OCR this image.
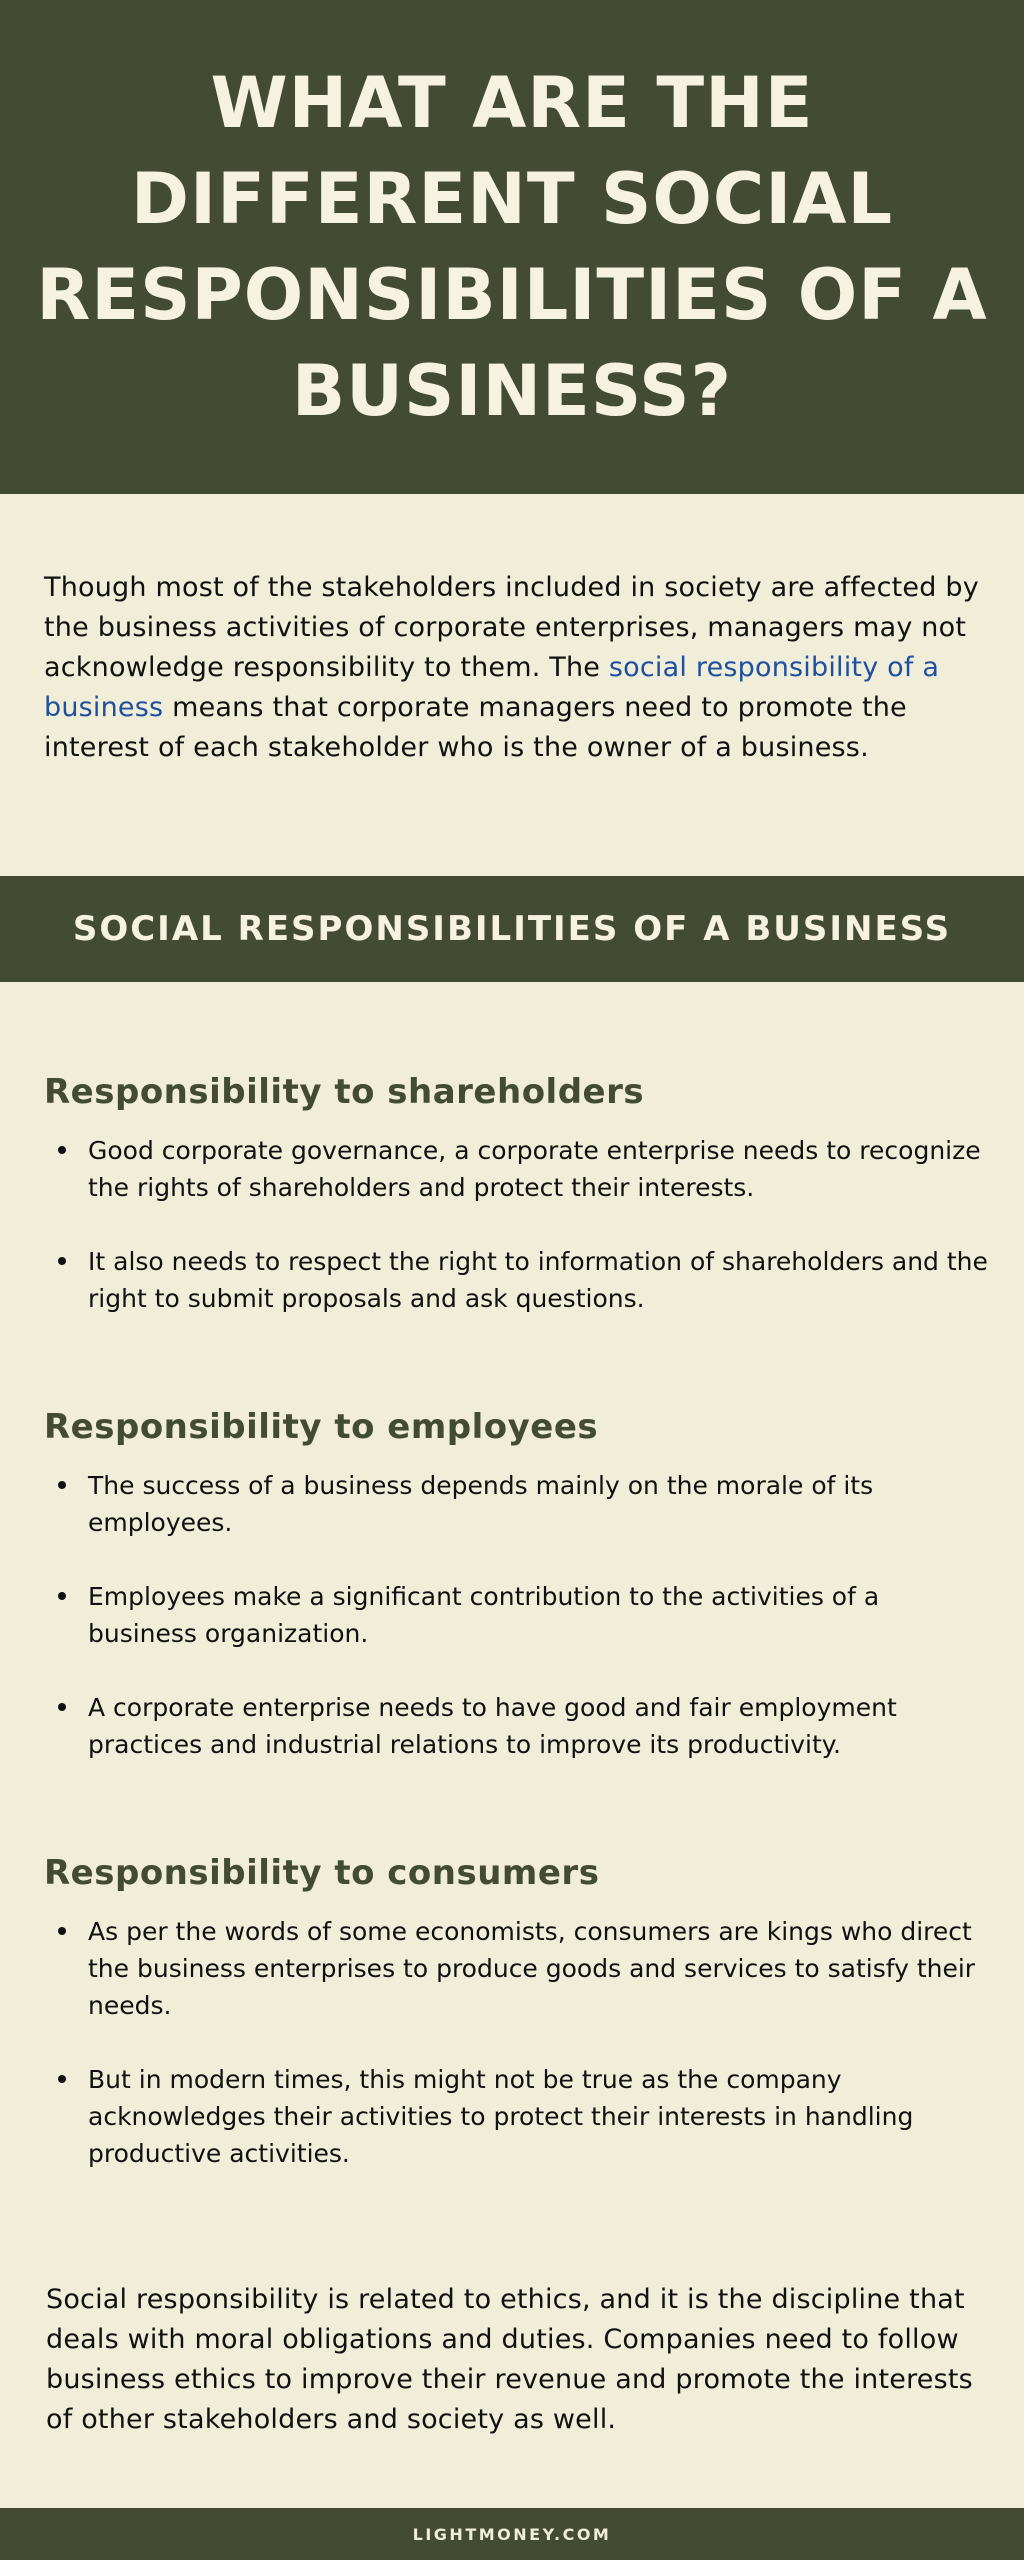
WHAT ARE THE DIFFERENT SOCIAL RESPONSIBILITIES OF A BUSINESS?

Though most of the stakeholders included in society are affected by the business activities of corporate enterprises, managers may not acknowledge responsibility to them. The social responsibility of a business means that corporate managers need to promote the interest of each stakeholder who is the owner of a business.

SOCIAL RESPONSIBILITIES OF A BUSINESS
Responsibility to shareholders
Good corporate governance, a corporate enterprise needs to recognize the rights of shareholders and protect their interests.
It also needs to respect the right to information of shareholders and the right to submit proposals and ask questions.
Responsibility to employees
The success of a business depends mainly on the morale of its employees.
Employees make a significant contribution to the activities of a business organization.
A corporate enterprise needs to have good and fair employment practices and industrial relations to improve its productivity.
Responsibility to consumers
As per the words of some economists, consumers are kings who direct the business enterprises to produce goods and services to satisfy their needs.
But in modern times, this might not be true as the company acknowledges their activities to protect their interests in handling productive activities.

Social responsibility is related to ethics, and it is the discipline that deals with moral obligations and duties. Companies need to follow business ethics to improve their revenue and promote the interests of other stakeholders and society as well.

LIGHTMONEY.COM
